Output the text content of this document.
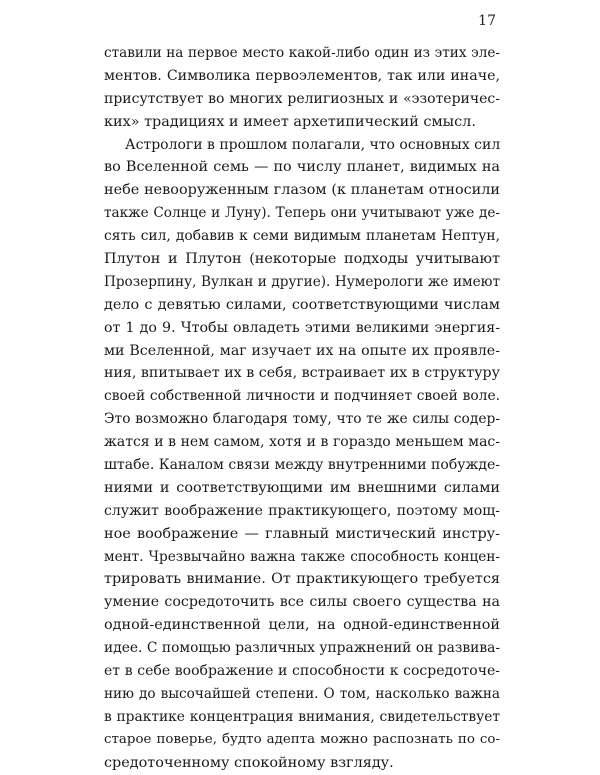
17
ставили на первое место какой-либо один из этих эле-
ментов. Символика первоэлементов, так или иначе,
присутствует во многих религиозных и «эзотеричес-
ких» традициях и имеет архетипический смысл.
Астрологи в прошлом полагали, что основных сил
во Вселенной семь — по числу планет, видимых на
небе невооруженным глазом (к планетам относили
также Солнце и Луну). Теперь они учитывают уже де-
сять сил, добавив к семи видимым планетам Нептун,
Плутон и Плутон (некоторые подходы учитывают
Прозерпину, Вулкан и другие). Нумерологи же имеют
дело с девятью силами, соответствующими числам
от 1 до 9. Чтобы овладеть этими великими энергия-
ми Вселенной, маг изучает их на опыте их проявле-
ния, впитывает их в себя, встраивает их в структуру
своей собственной личности и подчиняет своей воле.
Это возможно благодаря тому, что те же силы содер-
жатся и в нем самом, хотя и в гораздо меньшем мас-
штабе. Каналом связи между внутренними побужде-
ниями и соответствующими им внешними силами
служит воображение практикующего, поэтому мощ-
ное воображение — главный мистический инстру-
мент. Чрезвычайно важна также способность концен-
трировать внимание. От практикующего требуется
умение сосредоточить все силы своего существа на
одной-единственной цели, на одной-единственной
идее. С помощью различных упражнений он развива-
ет в себе воображение и способности к сосредоточе-
нию до высочайшей степени. О том, насколько важна
в практике концентрация внимания, свидетельствует
старое поверье, будто адепта можно распознать по со-
средоточенному спокойному взгляду.
